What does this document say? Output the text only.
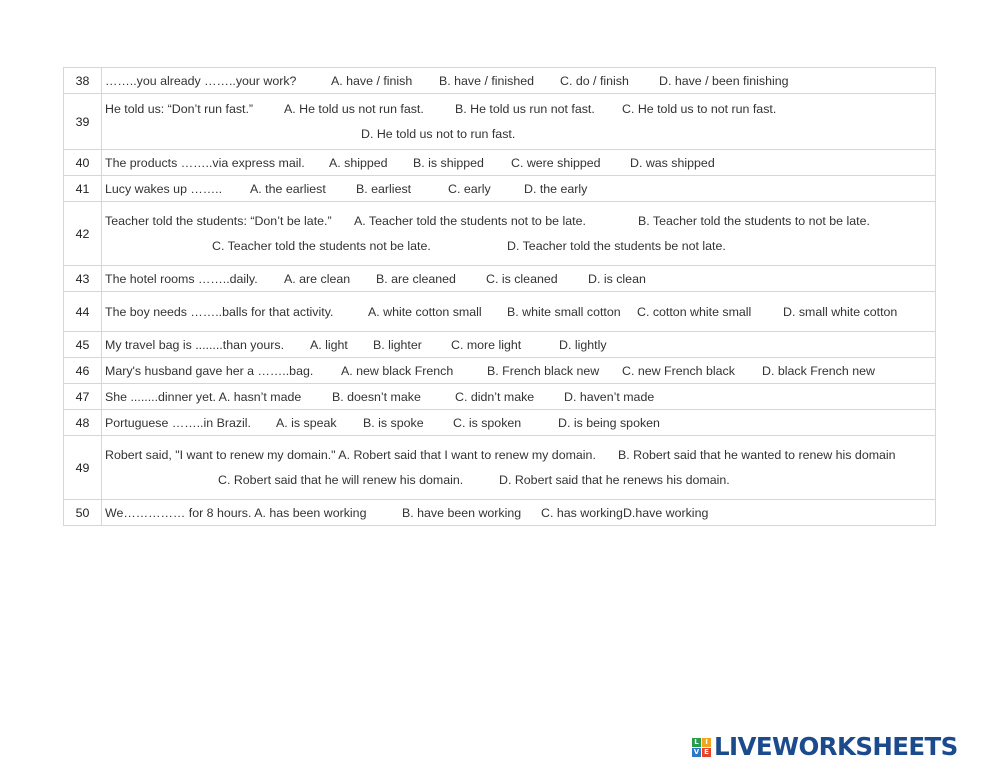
38	……..you already ……..your work? A. have / finish B. have / finished C. do / finish D. have / been finishing

39	He told us: “Don’t run fast.” A. He told us not run fast. B. He told us run not fast. C. He told us to not run fast.
D. He told us not to run fast.

40	The products ……..via express mail. A. shipped B. is shipped C. were shipped D. was shipped

41	Lucy wakes up …….. A. the earliest B. earliest C. early D. the early

42	Teacher told the students: “Don’t be late.” A. Teacher told the students not to be late. B. Teacher told the students to not be late.
C. Teacher told the students not be late. D. Teacher told the students be not late.

43	The hotel rooms ……..daily. A. are clean B. are cleaned C. is cleaned D. is clean

44	The boy needs ……..balls for that activity. A. white cotton small B. white small cotton C. cotton white small D. small white cotton

45	My travel bag is ........than yours. A. light B. lighter C. more light D. lightly

46	Mary's husband gave her a ……..bag. A. new black French B. French black new C. new French black D. black French new

47	She ........dinner yet. A. hasn’t made B. doesn’t make C. didn’t make D. haven’t made

48	Portuguese ……..in Brazil. A. is speak B. is spoke C. is spoken D. is being spoken

49	Robert said, "I want to renew my domain." A. Robert said that I want to renew my domain. B. Robert said that he wanted to renew his domain
C. Robert said that he will renew his domain. D. Robert said that he renews his domain.

50	We…………… for 8 hours. A. has been working B. have been working C. has workingD.have working
L I
V E LIVEWORKSHEETS
